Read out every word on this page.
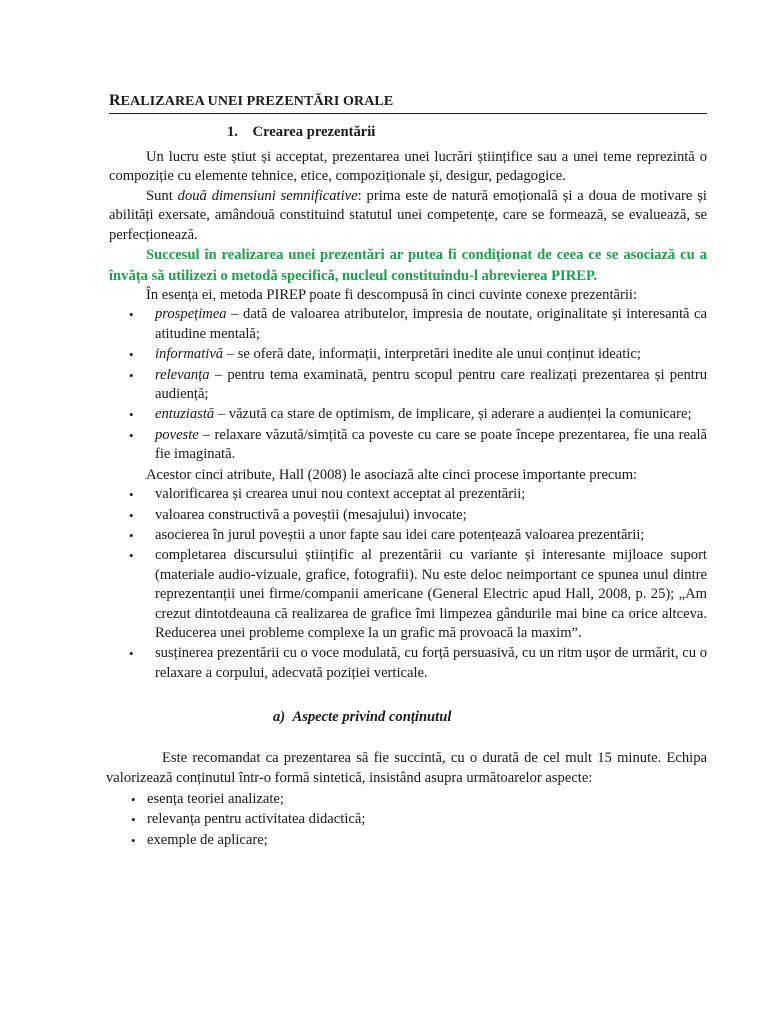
REALIZAREA UNEI PREZENTĂRI ORALE
1. Crearea prezentării

Un lucru este știut și acceptat, prezentarea unei lucrări științifice sau a unei teme reprezintă o compoziție cu elemente tehnice, etice, compoziționale și, desigur, pedagogice.

Sunt două dimensiuni semnificative: prima este de natură emoțională și a doua de motivare și abilități exersate, amândouă constituind statutul unei competențe, care se formează, se evaluează, se perfecționează.

Succesul în realizarea unei prezentări ar putea fi condiționat de ceea ce se asociază cu a învăța să utilizezi o metodă specifică, nucleul constituindu-l abrevierea PIREP.

În esența ei, metoda PIREP poate fi descompusă în cinci cuvinte conexe prezentării:

• prospețimea – dată de valoarea atributelor, impresia de noutate, originalitate și interesantă ca atitudine mentală;
• informativă – se oferă date, informații, interpretări inedite ale unui conținut ideatic;
• relevanța – pentru tema examinată, pentru scopul pentru care realizați prezentarea și pentru audiență;
• entuziastă – văzută ca stare de optimism, de implicare, și aderare a audienței la comunicare;
• poveste – relaxare văzută/simțită ca poveste cu care se poate începe prezentarea, fie una reală fie imaginată.

Acestor cinci atribute, Hall (2008) le asociază alte cinci procese importante precum:

• valorificarea și crearea unui nou context acceptat al prezentării;
• valoarea constructivă a poveștii (mesajului) invocate;
• asocierea în jurul poveștii a unor fapte sau idei care potențează valoarea prezentării;
• completarea discursului științific al prezentării cu variante și interesante mijloace suport (materiale audio-vizuale, grafice, fotografii). Nu este deloc neimportant ce spunea unul dintre reprezentanții unei firme/companii americane (General Electric apud Hall, 2008, p. 25); „Am crezut dintotdeauna că realizarea de grafice îmi limpezea gândurile mai bine ca orice altceva. Reducerea unei probleme complexe la un grafic mă provoacă la maxim”.
• susținerea prezentării cu o voce modulată, cu forță persuasivă, cu un ritm ușor de urmărit, cu o relaxare a corpului, adecvată poziției verticale.
a) Aspecte privind conținutul

Este recomandat ca prezentarea să fie succintă, cu o durată de cel mult 15 minute. Echipa valorizează conținutul într-o formă sintetică, insistând asupra următoarelor aspecte:

• esența teoriei analizate;
• relevanța pentru activitatea didactică;
• exemple de aplicare;
